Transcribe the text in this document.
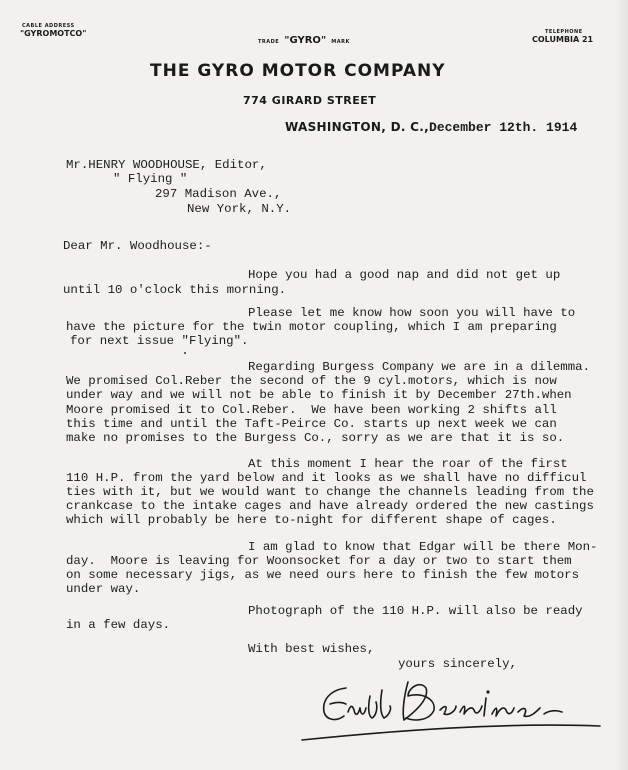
CABLE ADDRESS
"GYROMOTCO"
TRADE "GYRO" MARK
TELEPHONE
COLUMBIA 21
THE GYRO MOTOR COMPANY
774 GIRARD STREET
WASHINGTON, D. C.,December 12th. 1914
Mr.HENRY WOODHOUSE, Editor,
" Flying "
297 Madison Ave.,
New York, N.Y.
Dear Mr. Woodhouse:-
Hope you had a good nap and did not get up
until 10 o'clock this morning.
Please let me know how soon you will have to
have the picture for the twin motor coupling, which I am preparing
for next issue "Flying".
Regarding Burgess Company we are in a dilemma.
We promised Col.Reber the second of the 9 cyl.motors, which is now
under way and we will not be able to finish it by December 27th.when
Moore promised it to Col.Reber.  We have been working 2 shifts all
this time and until the Taft-Peirce Co. starts up next week we can
make no promises to the Burgess Co., sorry as we are that it is so.
At this moment I hear the roar of the first
110 H.P. from the yard below and it looks as we shall have no difficul
ties with it, but we would want to change the channels leading from the
crankcase to the intake cages and have already ordered the new castings
which will probably be here to-night for different shape of cages.
I am glad to know that Edgar will be there Mon-
day.  Moore is leaving for Woonsocket for a day or two to start them
on some necessary jigs, as we need ours here to finish the few motors
under way.
Photograph of the 110 H.P. will also be ready
in a few days.
With best wishes,
yours sincerely,
